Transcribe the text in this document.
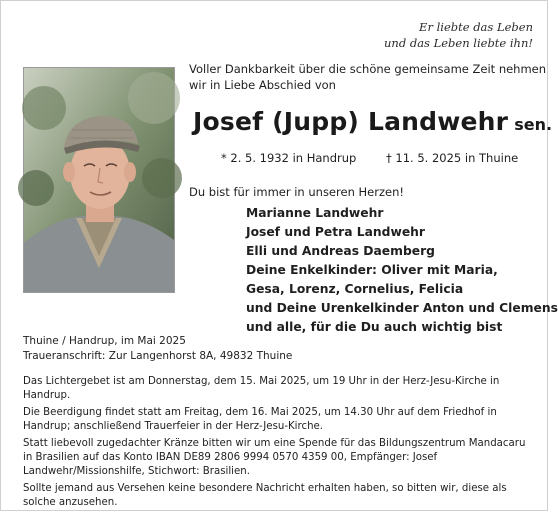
Er liebte das Leben
und das Leben liebte ihn!
Voller Dankbarkeit über die schöne gemeinsame Zeit nehmen
wir in Liebe Abschied von
Josef (Jupp) Landwehr sen.
* 2. 5. 1932 in Handrup	† 11. 5. 2025 in Thuine
Du bist für immer in unseren Herzen!
Marianne Landwehr
Josef und Petra Landwehr
Elli und Andreas Daemberg
Deine Enkelkinder: Oliver mit Maria,
Gesa, Lorenz, Cornelius, Felicia
und Deine Urenkelkinder Anton und Clemens
und alle, für die Du auch wichtig bist
Thuine / Handrup, im Mai 2025
Traueranschrift: Zur Langenhorst 8A, 49832 Thuine

Das Lichtergebet ist am Donnerstag, dem 15. Mai 2025, um 19 Uhr in der Herz-Jesu-Kirche in Handrup.

Die Beerdigung findet statt am Freitag, dem 16. Mai 2025, um 14.30 Uhr auf dem Friedhof in Handrup; anschließend Trauerfeier in der Herz-Jesu-Kirche.

Statt liebevoll zugedachter Kränze bitten wir um eine Spende für das Bildungszentrum Mandacaru in Brasilien auf das Konto IBAN DE89 2806 9994 0570 4359 00, Empfänger: Josef Landwehr/Missionshilfe, Stichwort: Brasilien.

Sollte jemand aus Versehen keine besondere Nachricht erhalten haben, so bitten wir, diese als solche anzusehen.
